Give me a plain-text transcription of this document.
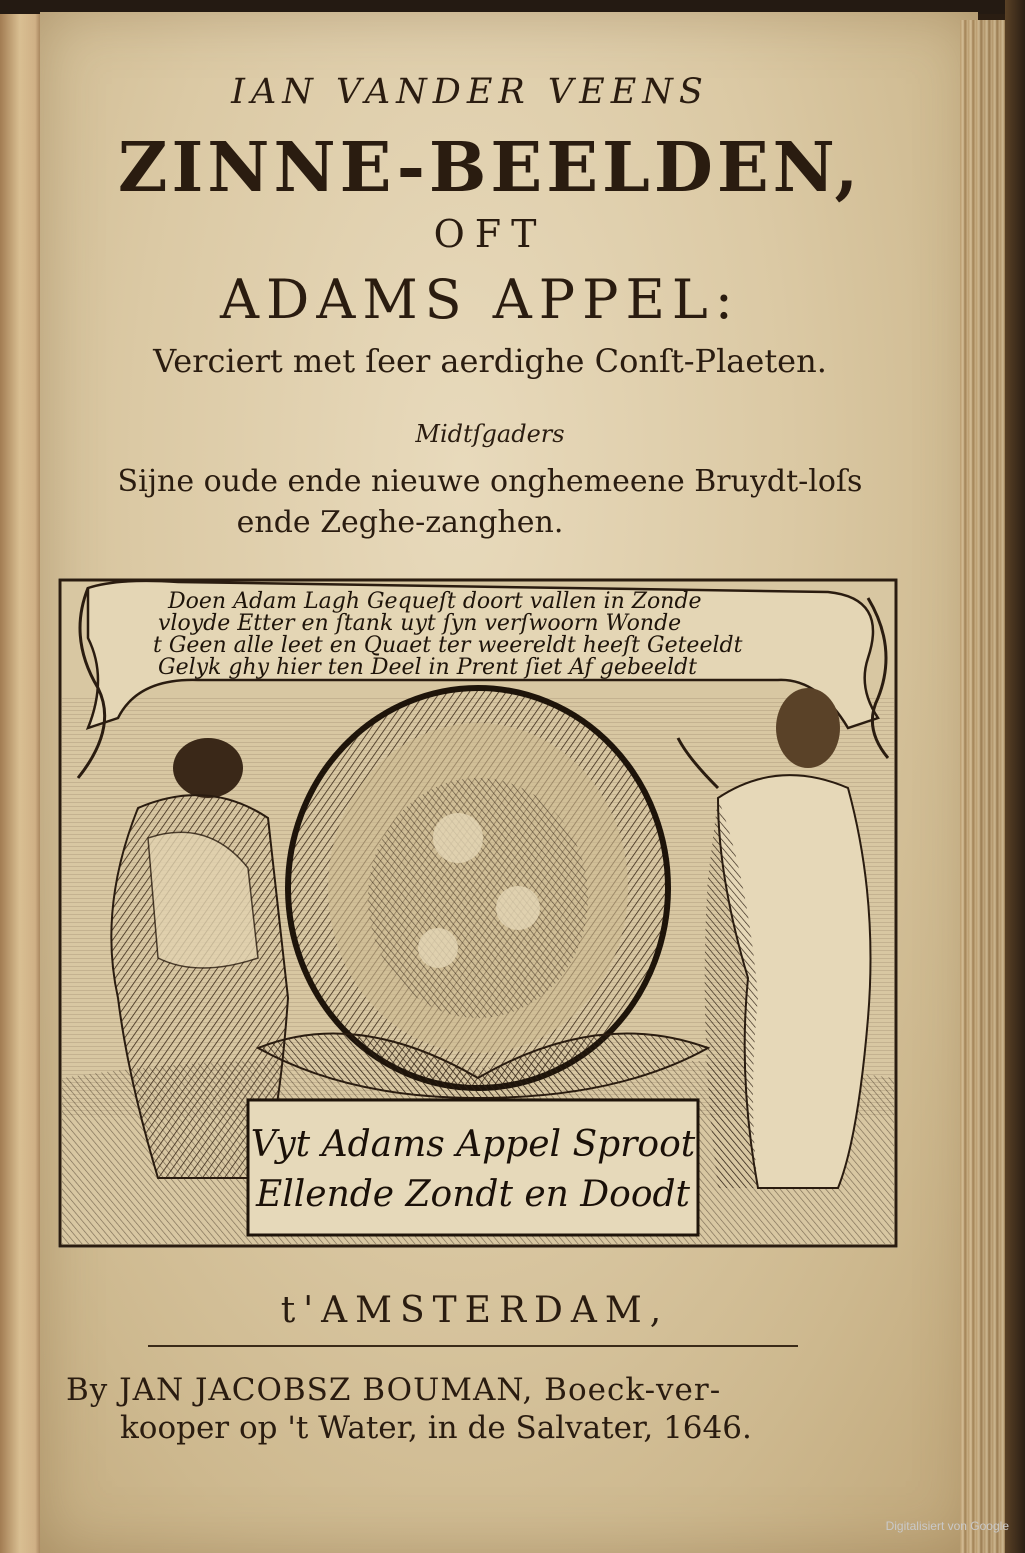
IAN VANDER VEENS
ZINNE-BEELDEN,
OFT
ADAMS APPEL:
Verciert met ſeer aerdighe Conſt-Plaeten.
Midtſgaders
Sijne oude ende nieuwe onghemeene Bruydt-loſs
ende Zeghe-zanghen.
Doen Adam Lagh Gequeſt doort vallen in Zonde
vloyde Etter en ſtank uyt ſyn verſwoorn Wonde
t Geen alle leet en Quaet ter weereldt heeſt Geteeldt
Gelyk ghy hier ten Deel in Prent ſiet Af gebeeldt
Vyt Adams Appel Sproot
Ellende Zondt en Doodt
t'AMSTERDAM,
By JAN JACOBSZ BOUMAN, Boeck-ver-
kooper op 't Water, in de Salvater, 1646.
Digitalisiert von Google
